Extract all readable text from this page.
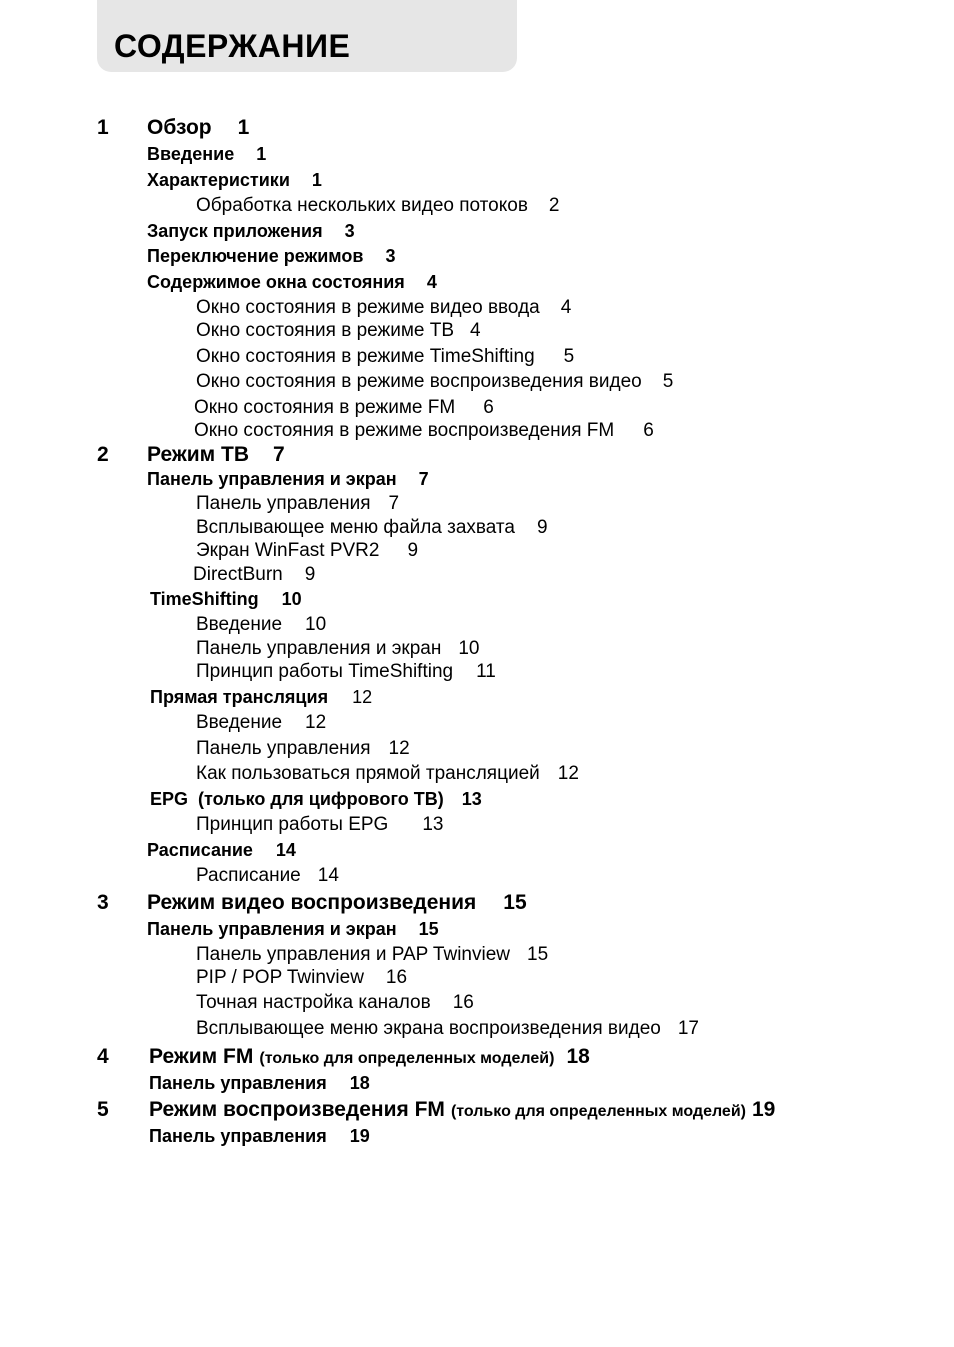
СОДЕРЖАНИЕ
1 Обзор 1
Введение 1
Характеристики 1
Обработка нескольких видео потоков 2
Запуск приложения 3
Переключение режимов 3
Содержимое окна состояния 4
Окно состояния в режиме видео ввода 4
Окно состояния в режиме ТВ 4
Окно состояния в режиме TimeShifting 5
Окно состояния в режиме воспроизведения видео 5
Окно состояния в режиме FM 6
Окно состояния в режиме воспроизведения FM 6
2 Режим ТВ 7
Панель управления и экран 7
Панель управления 7
Всплывающее меню файла захвата 9
Экран WinFast PVR2 9
DirectBurn 9
TimeShifting 10
Введение 10
Панель управления и экран 10
Принцип работы TimeShifting 11
Прямая трансляция 12
Введение 12
Панель управления 12
Как пользоваться прямой трансляцией 12
EPG  (только для цифрового ТВ) 13
Принцип работы EPG 13
Расписание 14
Расписание 14
3 Режим видео воспроизведения 15
Панель управления и экран 15
Панель управления и PAP Twinview 15
PIP / POP Twinview 16
Точная настройка каналов 16
Всплывающее меню экрана воспроизведения видео 17
4 Режим FM (только для определенных моделей) 18
Панель управления 18
5 Режим воспроизведения FM (только для определенных моделей) 19
Панель управления 19
